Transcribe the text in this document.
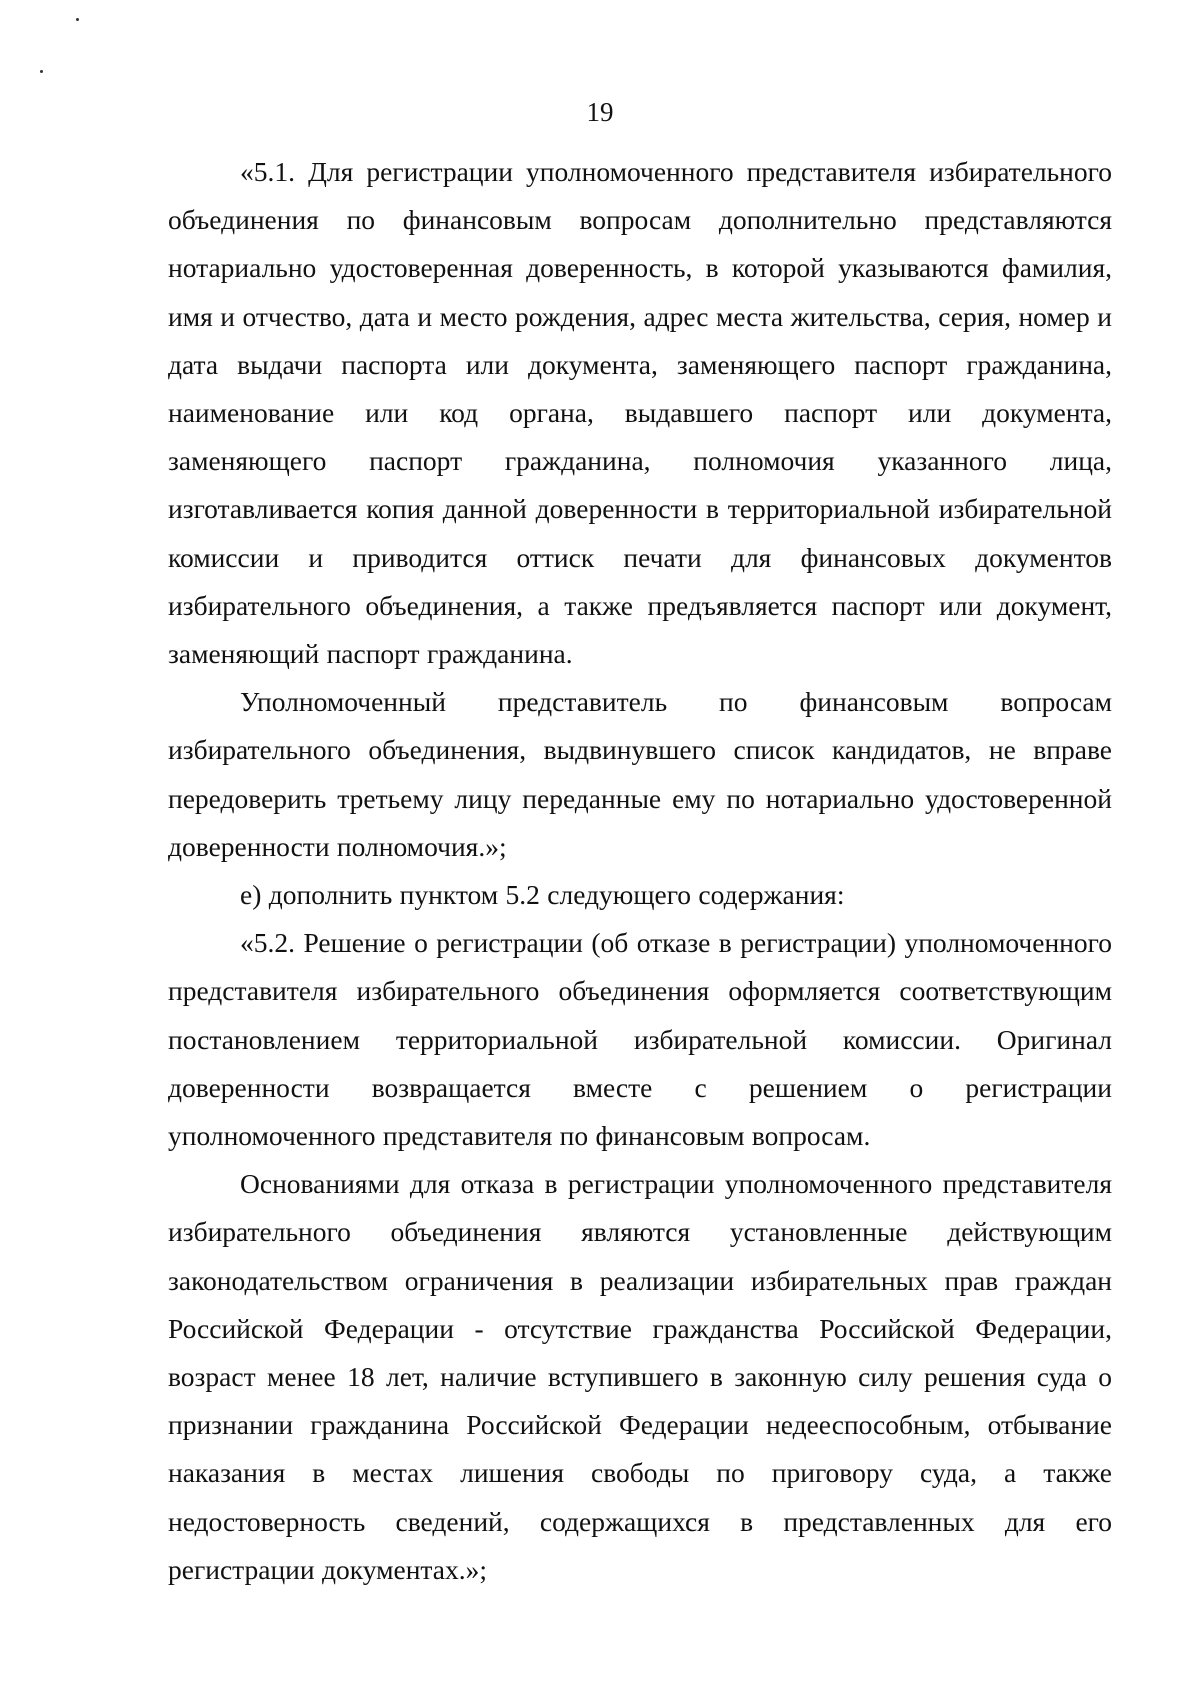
19

«5.1. Для регистрации уполномоченного представителя избирательного объединения по финансовым вопросам дополнительно представляются нотариально удостоверенная доверенность, в которой указываются фамилия, имя и отчество, дата и место рождения, адрес места жительства, серия, номер и дата выдачи паспорта или документа, заменяющего паспорт гражданина, наименование или код органа, выдавшего паспорт или документа, заменяющего паспорт гражданина, полномочия указанного лица, изготавливается копия данной доверенности в территориальной избирательной комиссии и приводится оттиск печати для финансовых документов избирательного объединения, а также предъявляется паспорт или документ, заменяющий паспорт гражданина.

Уполномоченный представитель по финансовым вопросам избирательного объединения, выдвинувшего список кандидатов, не вправе передоверить третьему лицу переданные ему по нотариально удостоверенной доверенности полномочия.»;

е) дополнить пунктом 5.2 следующего содержания:

«5.2. Решение о регистрации (об отказе в регистрации) уполномоченного представителя избирательного объединения оформляется соответствующим постановлением территориальной избирательной комиссии. Оригинал доверенности возвращается вместе с решением о регистрации уполномоченного представителя по финансовым вопросам.

Основаниями для отказа в регистрации уполномоченного представителя избирательного объединения являются установленные действующим законодательством ограничения в реализации избирательных прав граждан Российской Федерации - отсутствие гражданства Российской Федерации, возраст менее 18 лет, наличие вступившего в законную силу решения суда о признании гражданина Российской Федерации недееспособным, отбывание наказания в местах лишения свободы по приговору суда, а также недостоверность сведений, содержащихся в представленных для его регистрации документах.»;
